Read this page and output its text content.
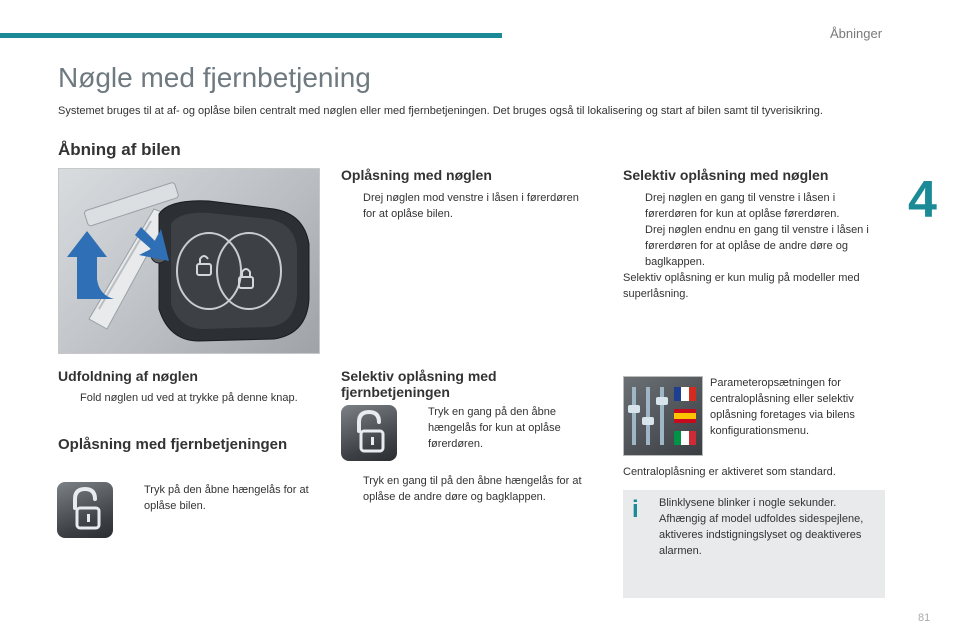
Åbninger
4
Nøgle med fjernbetjening
Systemet bruges til at af- og oplåse bilen centralt med nøglen eller med fjernbetjeningen. Det bruges også til lokalisering og start af bilen samt til tyverisikring.
Åbning af bilen
Udfoldning af nøglen
Fold nøglen ud ved at trykke på denne knap.
Oplåsning med fjernbetjeningen
Tryk på den åbne hængelås for at oplåse bilen.
Oplåsning med nøglen
Drej nøglen mod venstre i låsen i førerdøren for at oplåse bilen.
Selektiv oplåsning med
fjernbetjeningen
Tryk en gang på den åbne hængelås for kun at oplåse førerdøren.
Tryk en gang til på den åbne hængelås for at oplåse de andre døre og bagklappen.
Selektiv oplåsning med nøglen
Drej nøglen en gang til venstre i låsen i førerdøren for kun at oplåse førerdøren.
Drej nøglen endnu en gang til venstre i låsen i førerdøren for at oplåse de andre døre og baglkappen.
Selektiv oplåsning er kun mulig på modeller med superlåsning.
Parameteropsætningen for centraloplåsning eller selektiv oplåsning foretages via bilens konfigurationsmenu.
Centraloplåsning er aktiveret som standard.
i	Blinklysene blinker i nogle sekunder. Afhængig af model udfoldes sidespejlene, aktiveres indstigningslyset og deaktiveres alarmen.
81
